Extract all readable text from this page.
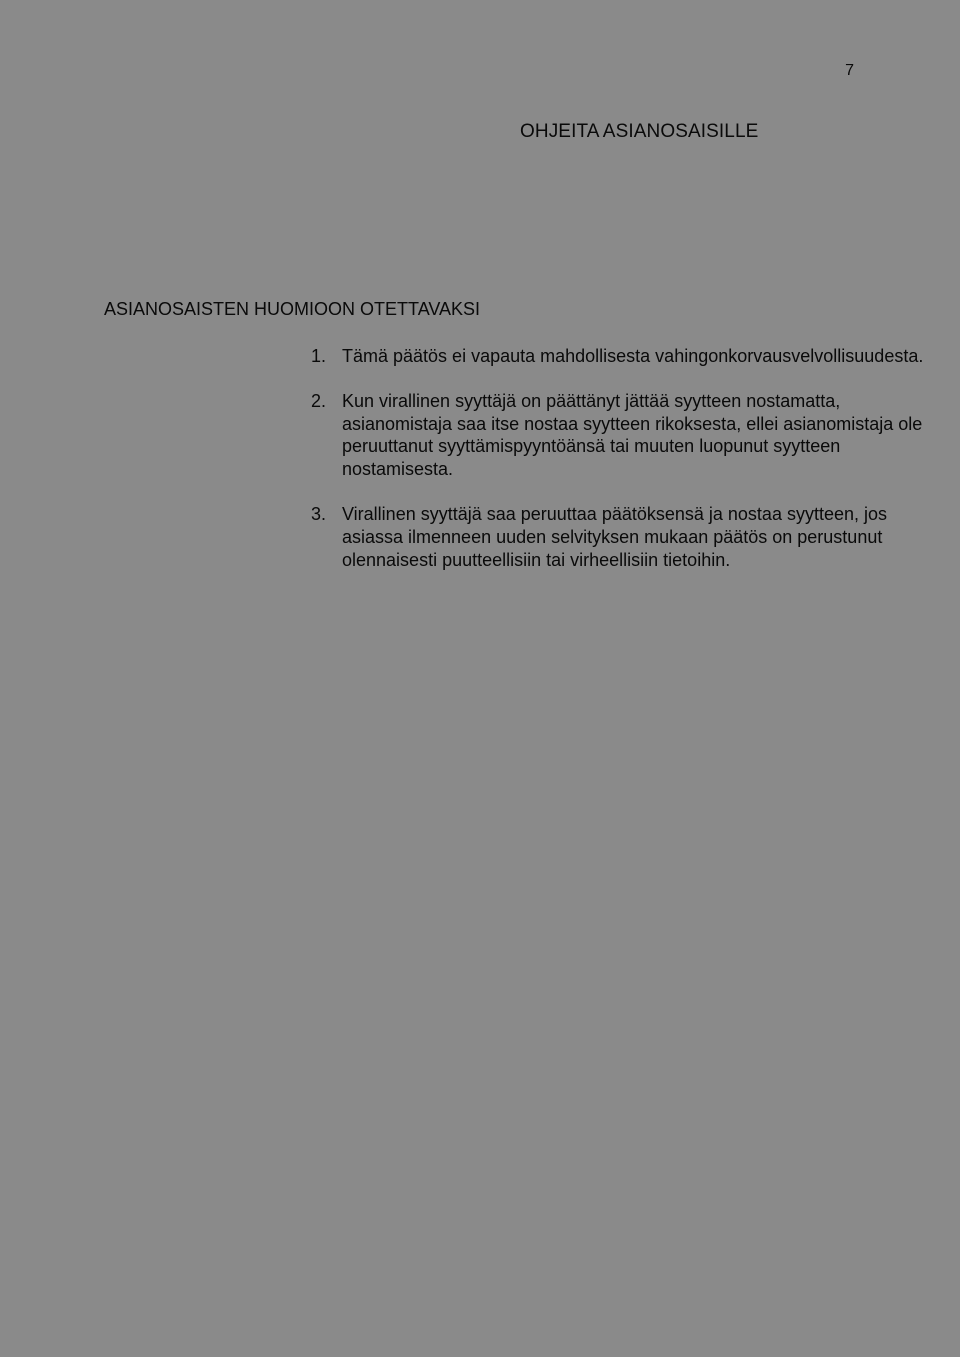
7
OHJEITA ASIANOSAISILLE
ASIANOSAISTEN HUOMIOON OTETTAVAKSI
1. Tämä päätös ei vapauta mahdollisesta vahingonkorvausvelvollisuudesta.
2. Kun virallinen syyttäjä on päättänyt jättää syytteen nostamatta, asianomistaja saa itse nostaa syytteen rikoksesta, ellei asianomistaja ole peruuttanut syyttämispyyntöänsä tai muuten luopunut syytteen nostamisesta.
3. Virallinen syyttäjä saa peruuttaa päätöksensä ja nostaa syytteen, jos asiassa ilmenneen uuden selvityksen mukaan päätös on perustunut olennaisesti puutteellisiin tai virheellisiin tietoihin.
